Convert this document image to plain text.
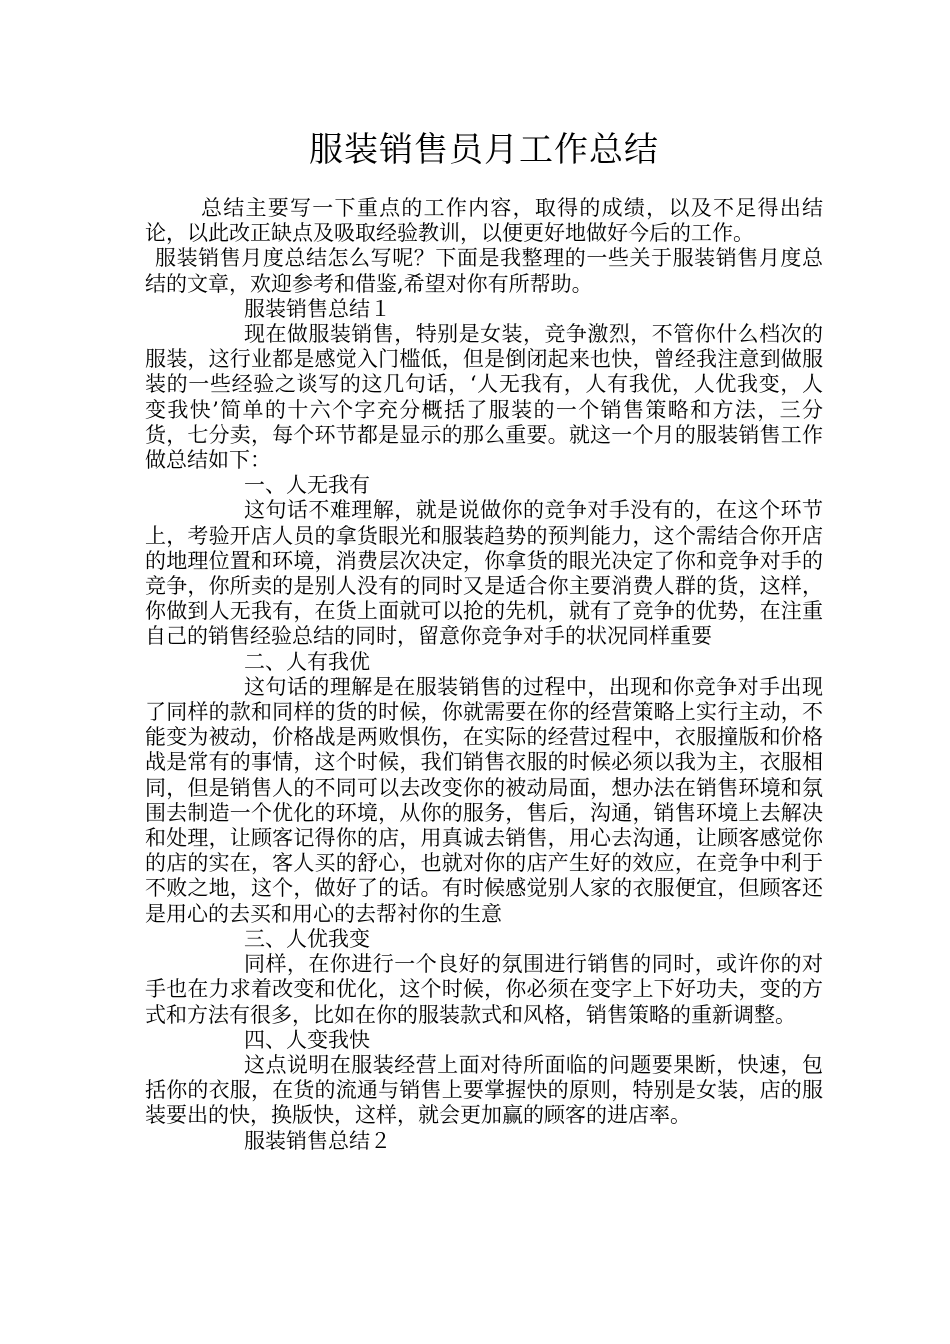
服装销售员月工作总结

总结主要写一下重点的工作内容，取得的成绩，以及不足得出结论，以此改正缺点及吸取经验教训，以便更好地做好今后的工作。

服装销售月度总结怎么写呢？下面是我整理的一些关于服装销售月度总结的文章，欢迎参考和借鉴,希望对你有所帮助。

服装销售总结１

现在做服装销售，特别是女装，竞争激烈，不管你什么档次的服装，这行业都是感觉入门槛低，但是倒闭起来也快，曾经我注意到做服装的一些经验之谈写的这几句话，‘人无我有，人有我优，人优我变，人变我快’简单的十六个字充分概括了服装的一个销售策略和方法，三分货，七分卖，每个环节都是显示的那么重要。就这一个月的服装销售工作做总结如下：

一、人无我有

这句话不难理解，就是说做你的竞争对手没有的，在这个环节上，考验开店人员的拿货眼光和服装趋势的预判能力，这个需结合你开店的地理位置和环境，消费层次决定，你拿货的眼光决定了你和竞争对手的竞争，你所卖的是别人没有的同时又是适合你主要消费人群的货，这样，你做到人无我有，在货上面就可以抢的先机，就有了竞争的优势，在注重自己的销售经验总结的同时，留意你竞争对手的状况同样重要

二、人有我优

这句话的理解是在服装销售的过程中，出现和你竞争对手出现了同样的款和同样的货的时候，你就需要在你的经营策略上实行主动，不能变为被动，价格战是两败惧伤，在实际的经营过程中，衣服撞版和价格战是常有的事情，这个时候，我们销售衣服的时候必须以我为主，衣服相同，但是销售人的不同可以去改变你的被动局面，想办法在销售环境和氛围去制造一个优化的环境，从你的服务，售后，沟通，销售环境上去解决和处理，让顾客记得你的店，用真诚去销售，用心去沟通，让顾客感觉你的店的实在，客人买的舒心，也就对你的店产生好的效应，在竞争中利于不败之地，这个，做好了的话。有时候感觉别人家的衣服便宜，但顾客还是用心的去买和用心的去帮衬你的生意

三、人优我变

同样，在你进行一个良好的氛围进行销售的同时，或许你的对手也在力求着改变和优化，这个时候，你必须在变字上下好功夫，变的方式和方法有很多，比如在你的服装款式和风格，销售策略的重新调整。

四、人变我快

这点说明在服装经营上面对待所面临的问题要果断，快速，包括你的衣服，在货的流通与销售上要掌握快的原则，特别是女装，店的服装要出的快，换版快，这样，就会更加赢的顾客的进店率。

服装销售总结２
